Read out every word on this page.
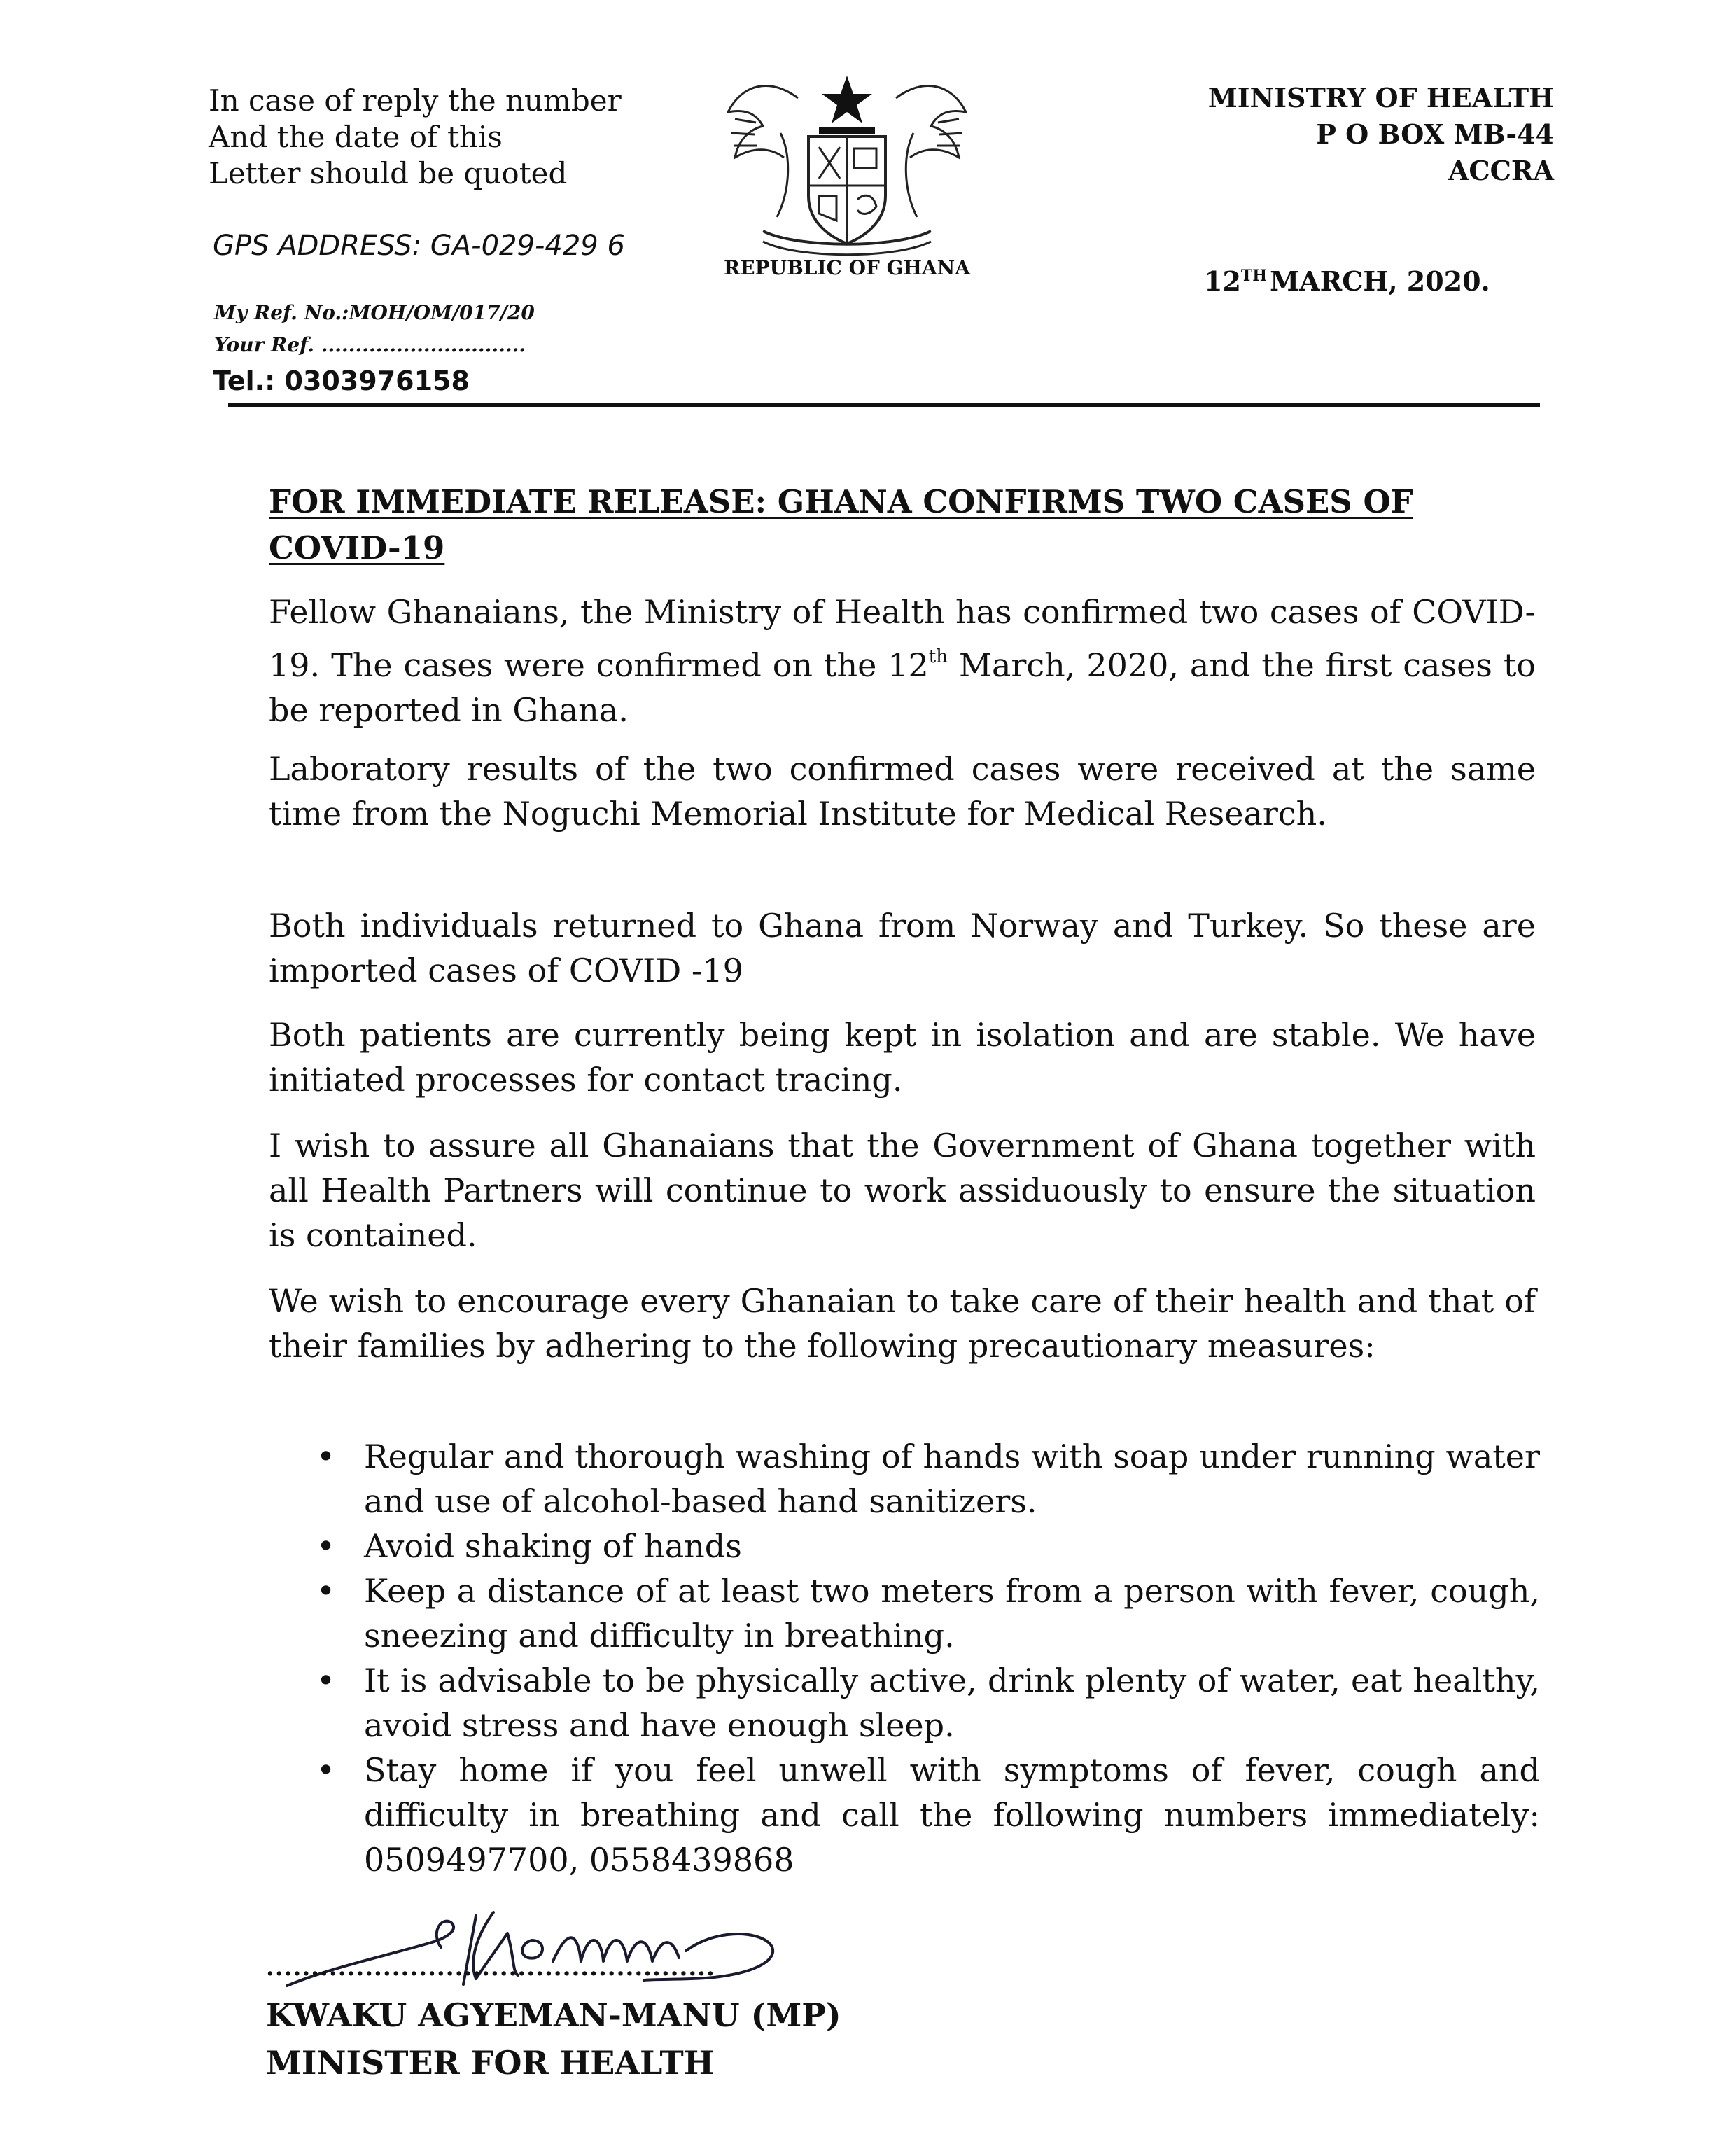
In case of reply the number
And the date of this
Letter should be quoted
GPS ADDRESS: GA-029-429 6
My Ref. No.:MOH/OM/017/20
Your Ref. ..............................
Tel.: 0303976158
REPUBLIC OF GHANA
MINISTRY OF HEALTH
P O BOX MB-44
ACCRA
12TH MARCH, 2020.
FOR IMMEDIATE RELEASE: GHANA CONFIRMS TWO CASES OF COVID-19
Fellow Ghanaians, the Ministry of Health has confirmed two cases of COVID-19. The cases were confirmed on the 12th March, 2020, and the first cases to be reported in Ghana.
Laboratory results of the two confirmed cases were received at the same time from the Noguchi Memorial Institute for Medical Research.
Both individuals returned to Ghana from Norway and Turkey. So these are imported cases of COVID -19
Both patients are currently being kept in isolation and are stable. We have initiated processes for contact tracing.
I wish to assure all Ghanaians that the Government of Ghana together with all Health Partners will continue to work assiduously to ensure the situation is contained.
We wish to encourage every Ghanaian to take care of their health and that of their families by adhering to the following precautionary measures:
• Regular and thorough washing of hands with soap under running water and use of alcohol-based hand sanitizers.
• Avoid shaking of hands
• Keep a distance of at least two meters from a person with fever, cough, sneezing and difficulty in breathing.
• It is advisable to be physically active, drink plenty of water, eat healthy, avoid stress and have enough sleep.
• Stay home if you feel unwell with symptoms of fever, cough and difficulty in breathing and call the following numbers immediately: 0509497700, 0558439868
..................................................
KWAKU AGYEMAN-MANU (MP)
MINISTER FOR HEALTH
